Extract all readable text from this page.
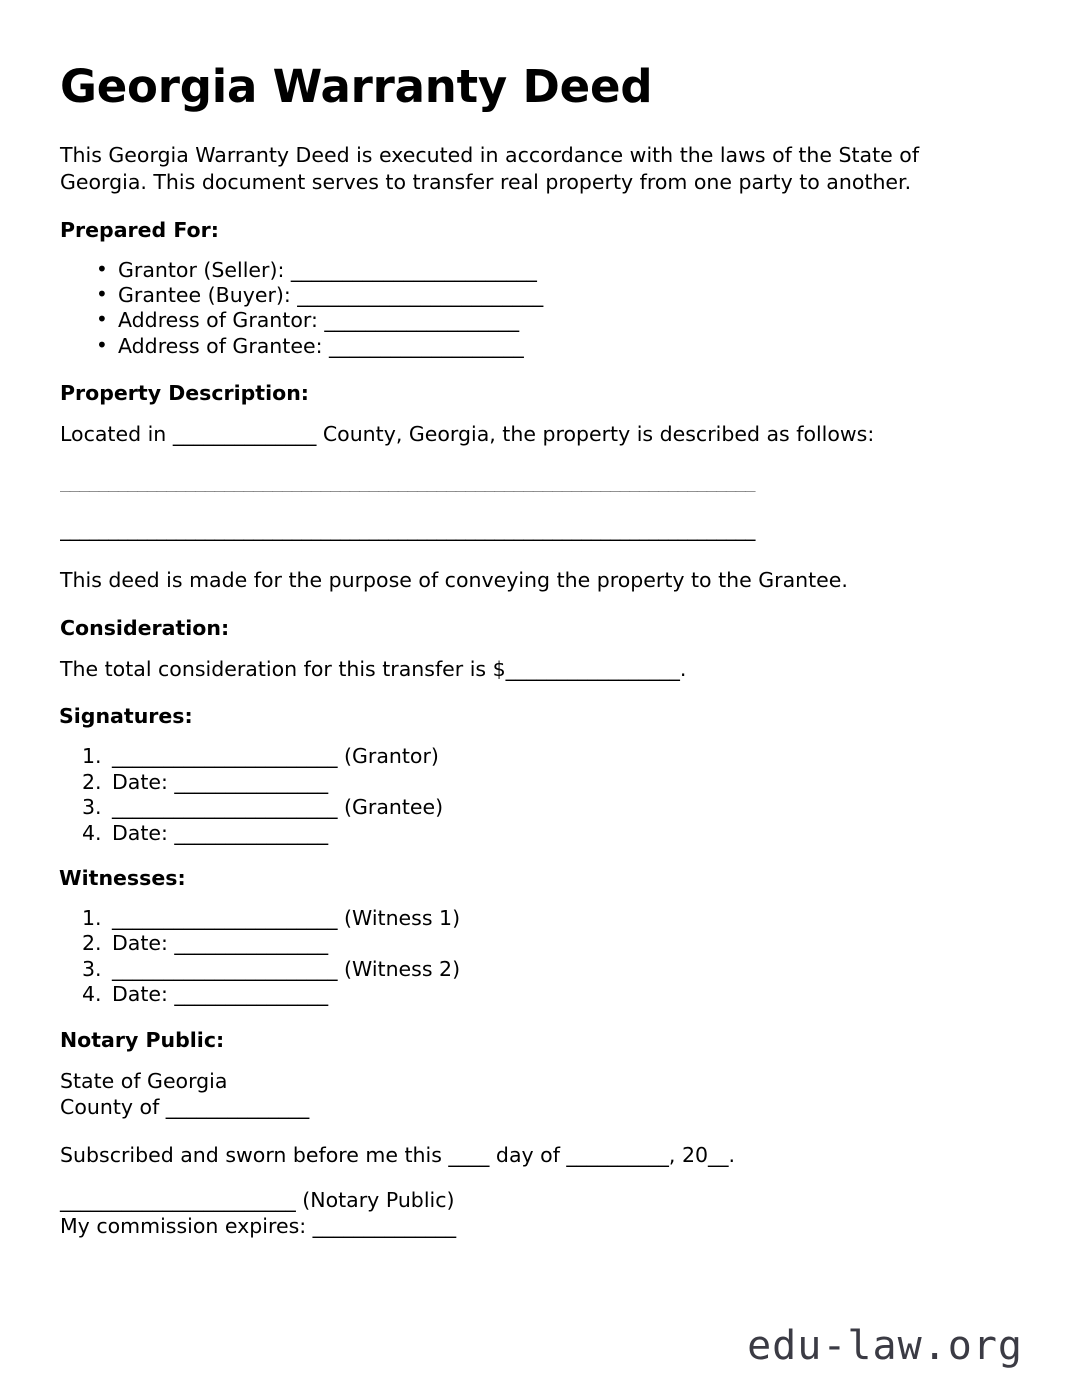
Georgia Warranty Deed

This Georgia Warranty Deed is executed in accordance with the laws of the State of Georgia. This document serves to transfer real property from one party to another.

Prepared For:
• Grantor (Seller): ________________________
• Grantee (Buyer): ________________________
• Address of Grantor: ___________________
• Address of Grantee: ___________________
Property Description:

Located in ______________ County, Georgia, the property is described as follows:

________________________________________________________________________
________________________________________________________________________

This deed is made for the purpose of conveying the property to the Grantee.

Consideration:

The total consideration for this transfer is $_________________.

Signatures:
______________________ (Grantor)
Date: _______________
______________________ (Grantee)
Date: _______________
Witnesses:
______________________ (Witness 1)
Date: _______________
______________________ (Witness 2)
Date: _______________
Notary Public:
State of Georgia
County of ______________

Subscribed and sworn before me this ____ day of __________, 20__.

_______________________ (Notary Public)
My commission expires: ______________
edu-law.org
